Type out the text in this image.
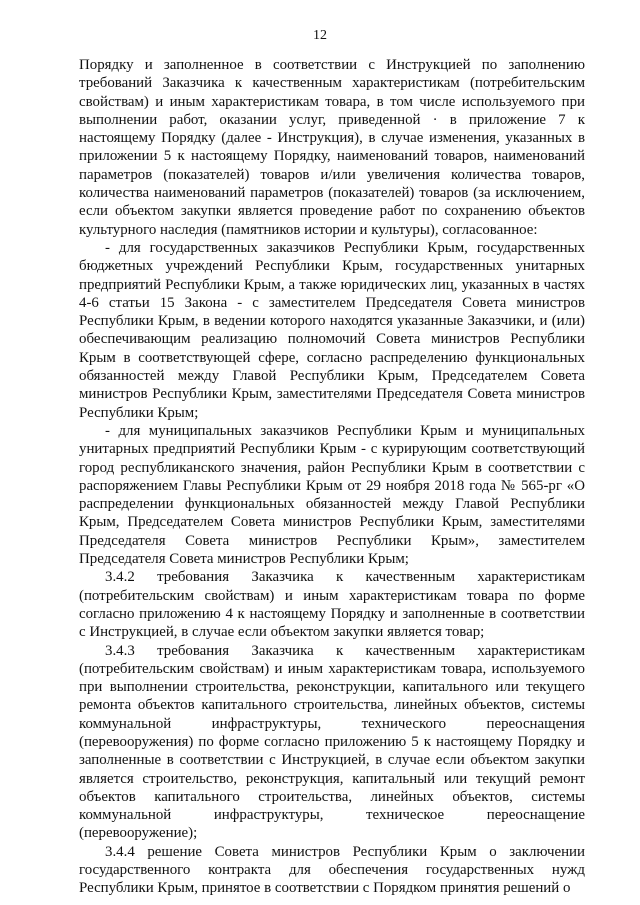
12

Порядку и заполненное в соответствии с Инструкцией по заполнению требований Заказчика к качественным характеристикам (потребительским свойствам) и иным характеристикам товара, в том числе используемого при выполнении работ, оказании услуг, приведенной · в приложение 7 к настоящему Порядку (далее - Инструкция), в случае изменения, указанных в приложении 5 к настоящему Порядку, наименований товаров, наименований параметров (показателей) товаров и/или увеличения количества товаров, количества наименований параметров (показателей) товаров (за исключением, если объектом закупки является проведение работ по сохранению объектов культурного наследия (памятников истории и культуры), согласованное:

- для государственных заказчиков Республики Крым, государственных бюджетных учреждений Республики Крым, государственных унитарных предприятий Республики Крым, а также юридических лиц, указанных в частях 4-6 статьи 15 Закона - с заместителем Председателя Совета министров Республики Крым, в ведении которого находятся указанные Заказчики, и (или) обеспечивающим реализацию полномочий Совета министров Республики Крым в соответствующей сфере, согласно распределению функциональных обязанностей между Главой Республики Крым, Председателем Совета министров Республики Крым, заместителями Председателя Совета министров Республики Крым;

- для муниципальных заказчиков Республики Крым и муниципальных унитарных предприятий Республики Крым - с курирующим соответствующий город республиканского значения, район Республики Крым в соответствии с распоряжением Главы Республики Крым от 29 ноября 2018 года № 565-рг «О распределении функциональных обязанностей между Главой Республики Крым, Председателем Совета министров Республики Крым, заместителями Председателя Совета министров Республики Крым», заместителем Председателя Совета министров Республики Крым;

3.4.2 требования Заказчика к качественным характеристикам (потребительским свойствам) и иным характеристикам товара по форме согласно приложению 4 к настоящему Порядку и заполненные в соответствии с Инструкцией, в случае если объектом закупки является товар;

3.4.3 требования Заказчика к качественным характеристикам (потребительским свойствам) и иным характеристикам товара, используемого при выполнении строительства, реконструкции, капитального или текущего ремонта объектов капитального строительства, линейных объектов, системы коммунальной инфраструктуры, технического переоснащения (перевооружения) по форме согласно приложению 5 к настоящему Порядку и заполненные в соответствии с Инструкцией, в случае если объектом закупки является строительство, реконструкция, капитальный или текущий ремонт объектов капитального строительства, линейных объектов, системы коммунальной инфраструктуры, техническое переоснащение (перевооружение);

3.4.4 решение Совета министров Республики Крым о заключении государственного контракта для обеспечения государственных нужд Республики Крым, принятое в соответствии с Порядком принятия решений о
